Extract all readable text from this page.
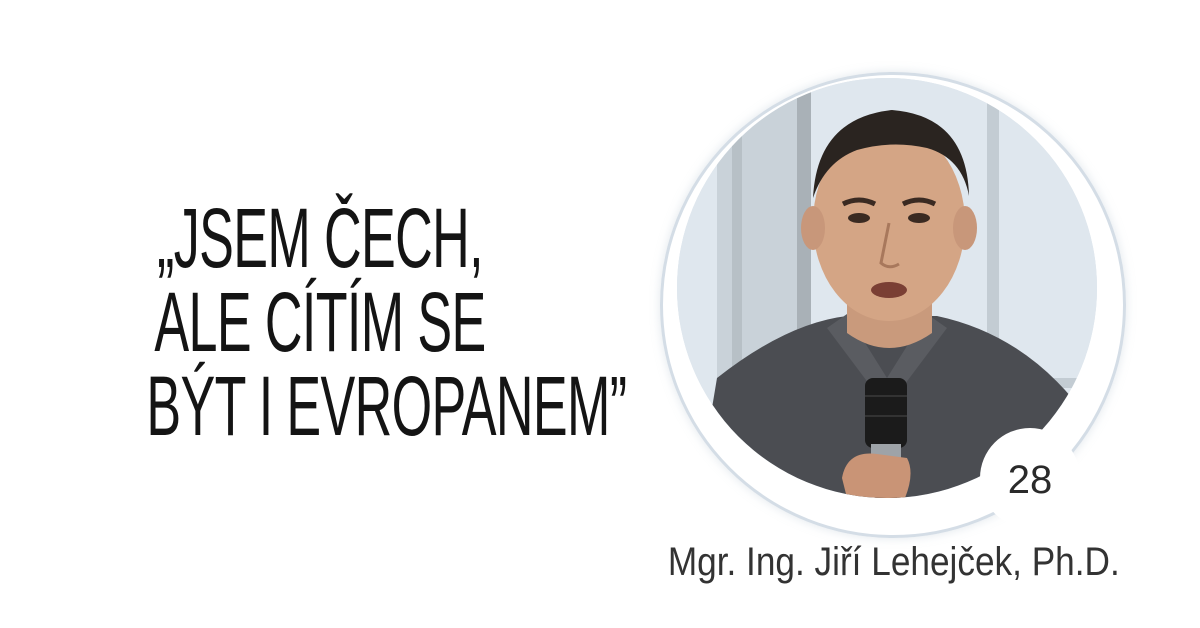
„JSEM ČECH,
ALE CÍTÍM SE
BÝT I EVROPANEM”
28
Mgr. Ing. Jiří Lehejček, Ph.D.
